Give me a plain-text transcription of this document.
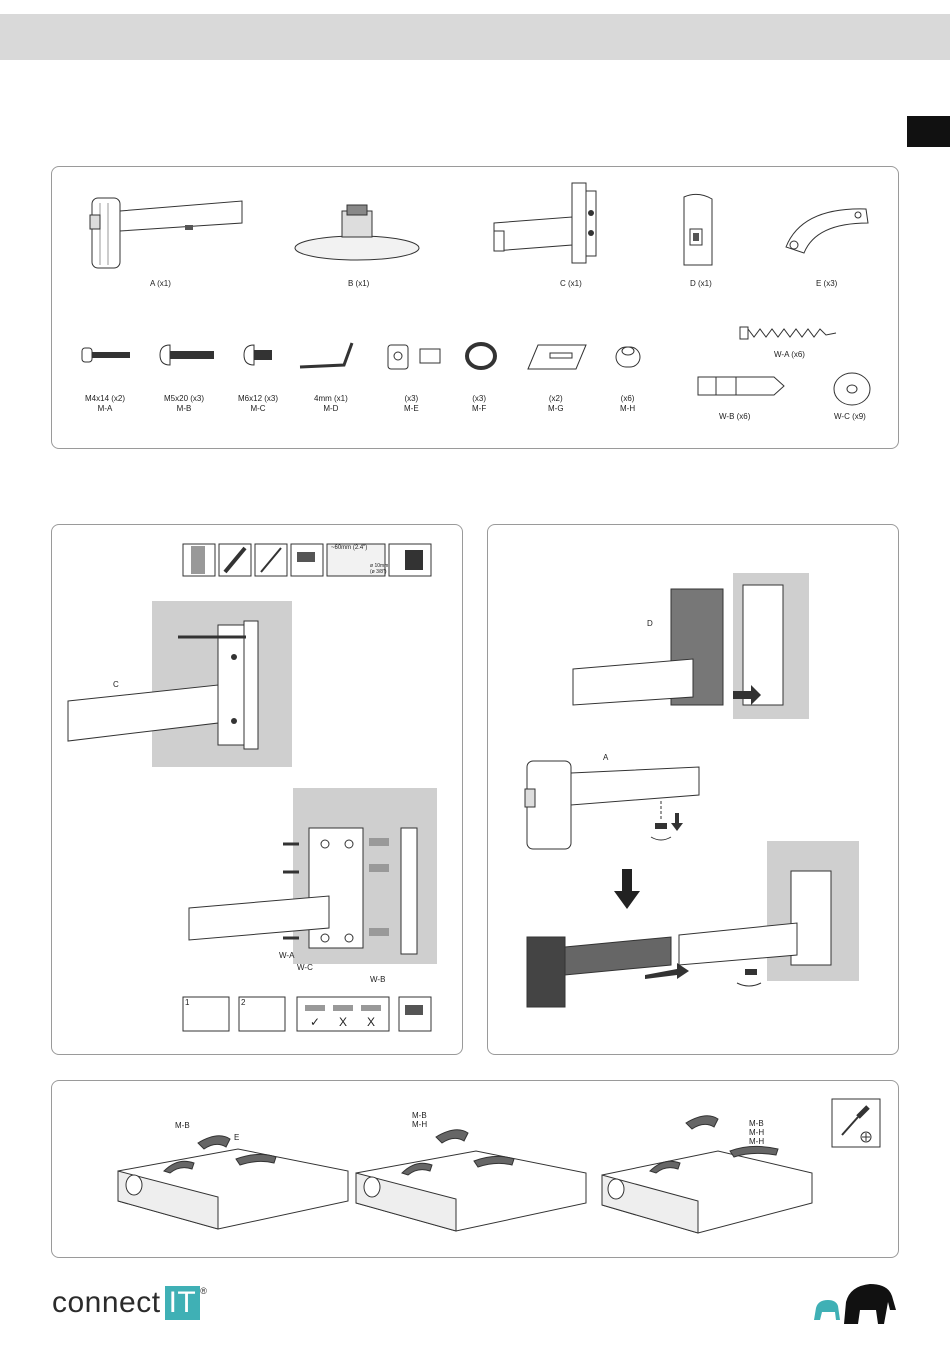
A (x1)	B (x1)	C (x1)	D (x1)	E (x3)
M4x14 (x2)
M-A
M5x20 (x3)
M-B
M6x12 (x3)
M-C
4mm (x1)
M-D
(x3)
M-E
(x3)
M-F
(x2)
M-G
(x6)
M-H
W-A (x6)
W-B (x6)	W-C (x9)
~60mm (2.4")
ø 10mm
(ø 3/8")
C
W-A
W-C
W-B
1	2
✓ X X
D
A
M-B
E
M-B
M-H	M-B
M-H
M-H
connect IT ®
